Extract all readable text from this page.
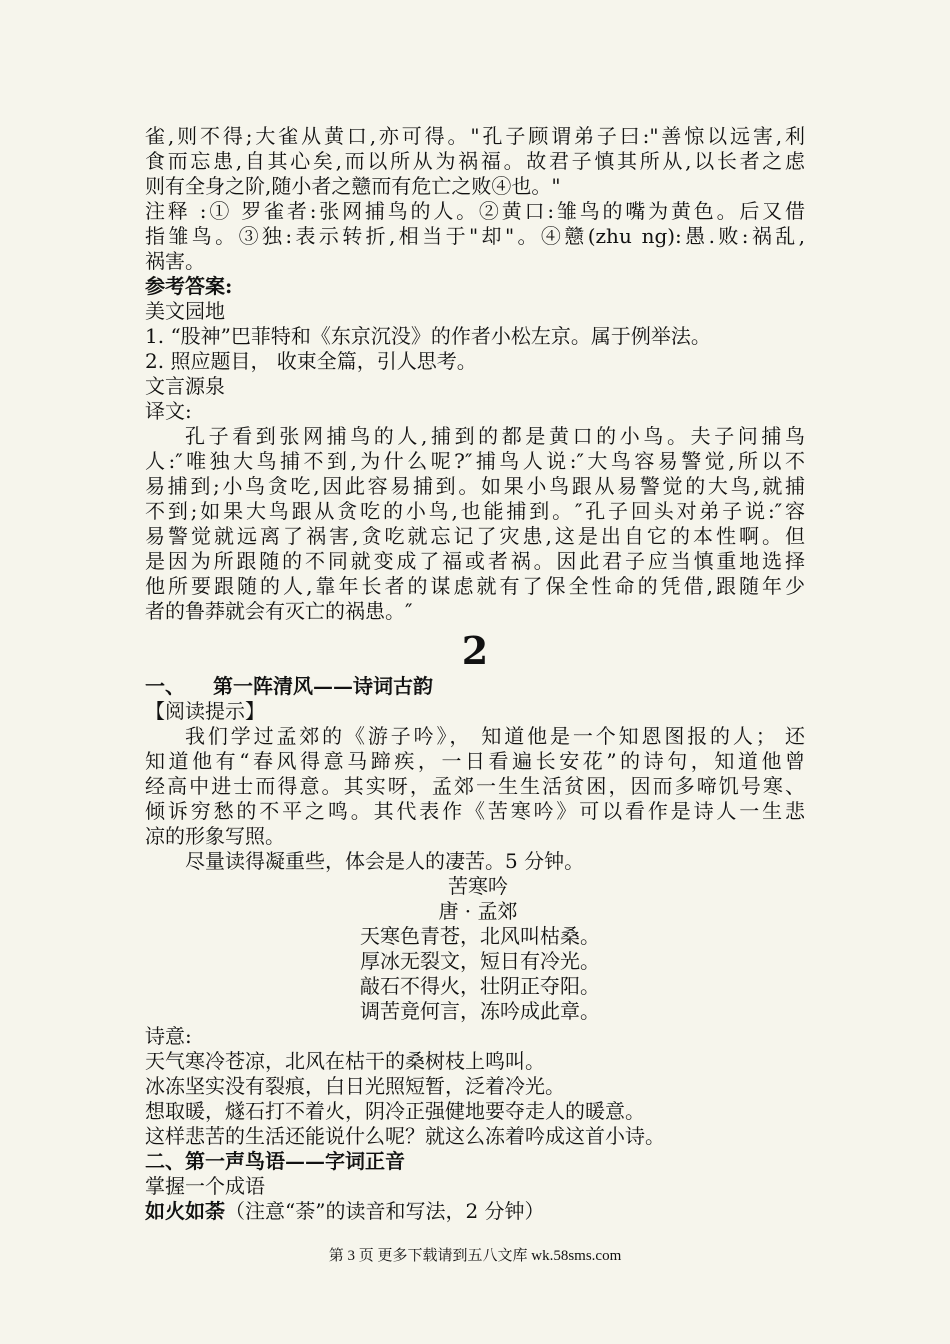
雀,则不得;大雀从黄口,亦可得。"孔子顾谓弟子曰:"善惊以远害,利
食而忘患,自其心矣,而以所从为祸福。故君子慎其所从,以长者之虑
则有全身之阶,随小者之戆而有危亡之败④也。"
注释 :① 罗雀者:张网捕鸟的人。②黄口:雏鸟的嘴为黄色。后又借
指雏鸟。③独:表示转折,相当于"却"。④戆(zhu ng):愚.败:祸乱,
祸害。
参考答案:
美文园地
1. “股神”巴菲特和《东京沉没》的作者小松左京。属于例举法。
2. 照应题目， 收束全篇，引人思考。
文言源泉
译文:
孔子看到张网捕鸟的人,捕到的都是黄口的小鸟。夫子问捕鸟
人:″唯独大鸟捕不到,为什么呢?″捕鸟人说:″大鸟容易警觉,所以不
易捕到;小鸟贪吃,因此容易捕到。如果小鸟跟从易警觉的大鸟,就捕
不到;如果大鸟跟从贪吃的小鸟,也能捕到。″孔子回头对弟子说:″容
易警觉就远离了祸害,贪吃就忘记了灾患,这是出自它的本性啊。但
是因为所跟随的不同就变成了福或者祸。因此君子应当慎重地选择
他所要跟随的人,靠年长者的谋虑就有了保全性命的凭借,跟随年少
者的鲁莽就会有灭亡的祸患。″
2
一、 第一阵清风——诗词古韵
【阅读提示】
我们学过孟郊的《游子吟》， 知道他是一个知恩图报的人； 还
知道他有“春风得意马蹄疾，一日看遍长安花”的诗句，知道他曾
经高中进士而得意。其实呀，孟郊一生生活贫困，因而多啼饥号寒、
倾诉穷愁的不平之鸣。其代表作《苦寒吟》可以看作是诗人一生悲
凉的形象写照。
尽量读得凝重些，体会是人的凄苦。5 分钟。
苦寒吟
唐 · 孟郊
天寒色青苍，北风叫枯桑。
厚冰无裂文，短日有冷光。
敲石不得火，壮阴正夺阳。
调苦竟何言，冻吟成此章。
诗意:
天气寒冷苍凉，北风在枯干的桑树枝上鸣叫。
冰冻坚实没有裂痕，白日光照短暂，泛着冷光。
想取暖，燧石打不着火，阴冷正强健地要夺走人的暖意。
这样悲苦的生活还能说什么呢？就这么冻着吟成这首小诗。
二、第一声鸟语——字词正音
掌握一个成语
如火如荼（注意“荼”的读音和写法，2 分钟）
第 3 页 更多下载请到五八文库 wk.58sms.com
